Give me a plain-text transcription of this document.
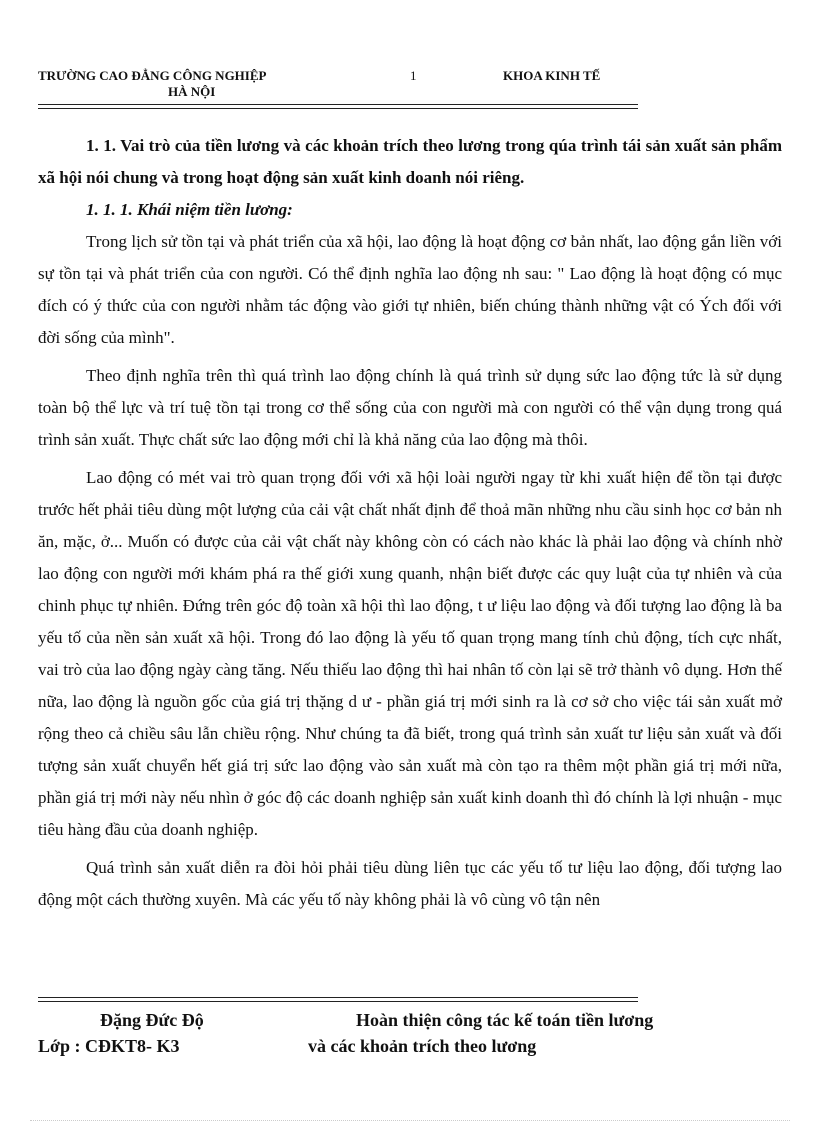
TRƯỜNG CAO ĐẲNG CÔNG NGHIỆP
HÀ NỘI
1	KHOA KINH TẾ

1. 1. Vai trò của tiền lương và các khoản trích theo lương trong qúa trình tái sản xuất sản phẩm xã hội nói chung và trong hoạt động sản xuất kinh doanh nói riêng.

1. 1. 1. Khái niệm tiền lương:

Trong lịch sử tồn tại và phát triển của xã hội, lao động là hoạt động cơ bản nhất, lao động gắn liền với sự tồn tại và phát triển của con người. Có thể định nghĩa lao động nh sau: " Lao động là hoạt động có mục đích có ý thức của con người nhằm tác động vào giới tự nhiên, biến chúng thành những vật có Ých đối với đời sống của mình".

Theo định nghĩa trên thì quá trình lao động chính là quá trình sử dụng sức lao động tức là sử dụng toàn bộ thể lực và trí tuệ tồn tại trong cơ thể sống của con người mà con người có thể vận dụng trong quá trình sản xuất. Thực chất sức lao động mới chỉ là khả năng của lao động mà thôi.

Lao động có mét vai trò quan trọng đối với xã hội loài người ngay từ khi xuất hiện để tồn tại được trước hết phải tiêu dùng một lượng của cải vật chất nhất định để thoả mãn những nhu cầu sinh học cơ bản nh ăn, mặc, ở... Muốn có được của cải vật chất này không còn có cách nào khác là phải lao động và chính nhờ lao động con người mới khám phá ra thế giới xung quanh, nhận biết được các quy luật của tự nhiên và của chinh phục tự nhiên. Đứng trên góc độ toàn xã hội thì lao động, t ư liệu lao động và đối tượng lao động là ba yếu tố của nền sản xuất xã hội. Trong đó lao động là yếu tố quan trọng mang tính chủ động, tích cực nhất, vai trò của lao động ngày càng tăng. Nếu thiếu lao động thì hai nhân tố còn lại sẽ trở thành vô dụng. Hơn thế nữa, lao động là nguồn gốc của giá trị thặng d ư - phần giá trị mới sinh ra là cơ sở cho việc tái sản xuất mở rộng theo cả chiều sâu lẫn chiều rộng. Như chúng ta đã biết, trong quá trình sản xuất tư liệu sản xuất và đối tượng sản xuất chuyển hết giá trị sức lao động vào sản xuất mà còn tạo ra thêm một phần giá trị mới nữa, phần giá trị mới này nếu nhìn ở góc độ các doanh nghiệp sản xuất kinh doanh thì đó chính là lợi nhuận - mục tiêu hàng đầu của doanh nghiệp.

Quá trình sản xuất diễn ra đòi hỏi phải tiêu dùng liên tục các yếu tố tư liệu lao động, đối tượng lao động một cách thường xuyên. Mà các yếu tố này không phải là vô cùng vô tận nên

Đặng Đức Độ
Lớp : CĐKT8- K3
Hoàn thiện công tác kế toán tiền lương
và các khoản trích theo lương
